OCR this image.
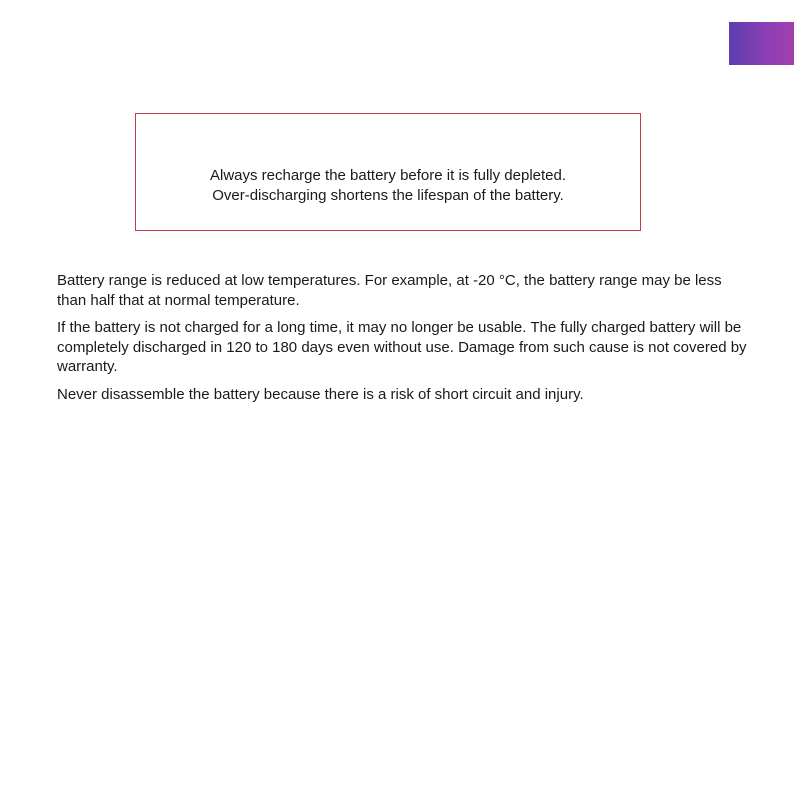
Always recharge the battery before it is fully depleted.

Over-discharging shortens the lifespan of the battery.

Battery range is reduced at low temperatures. For example, at -20 °C, the battery range may be less than half that at normal temperature.

If the battery is not charged for a long time, it may no longer be usable. The fully charged battery will be completely discharged in 120 to 180 days even without use. Damage from such cause is not covered by warranty.

Never disassemble the battery because there is a risk of short circuit and injury.
